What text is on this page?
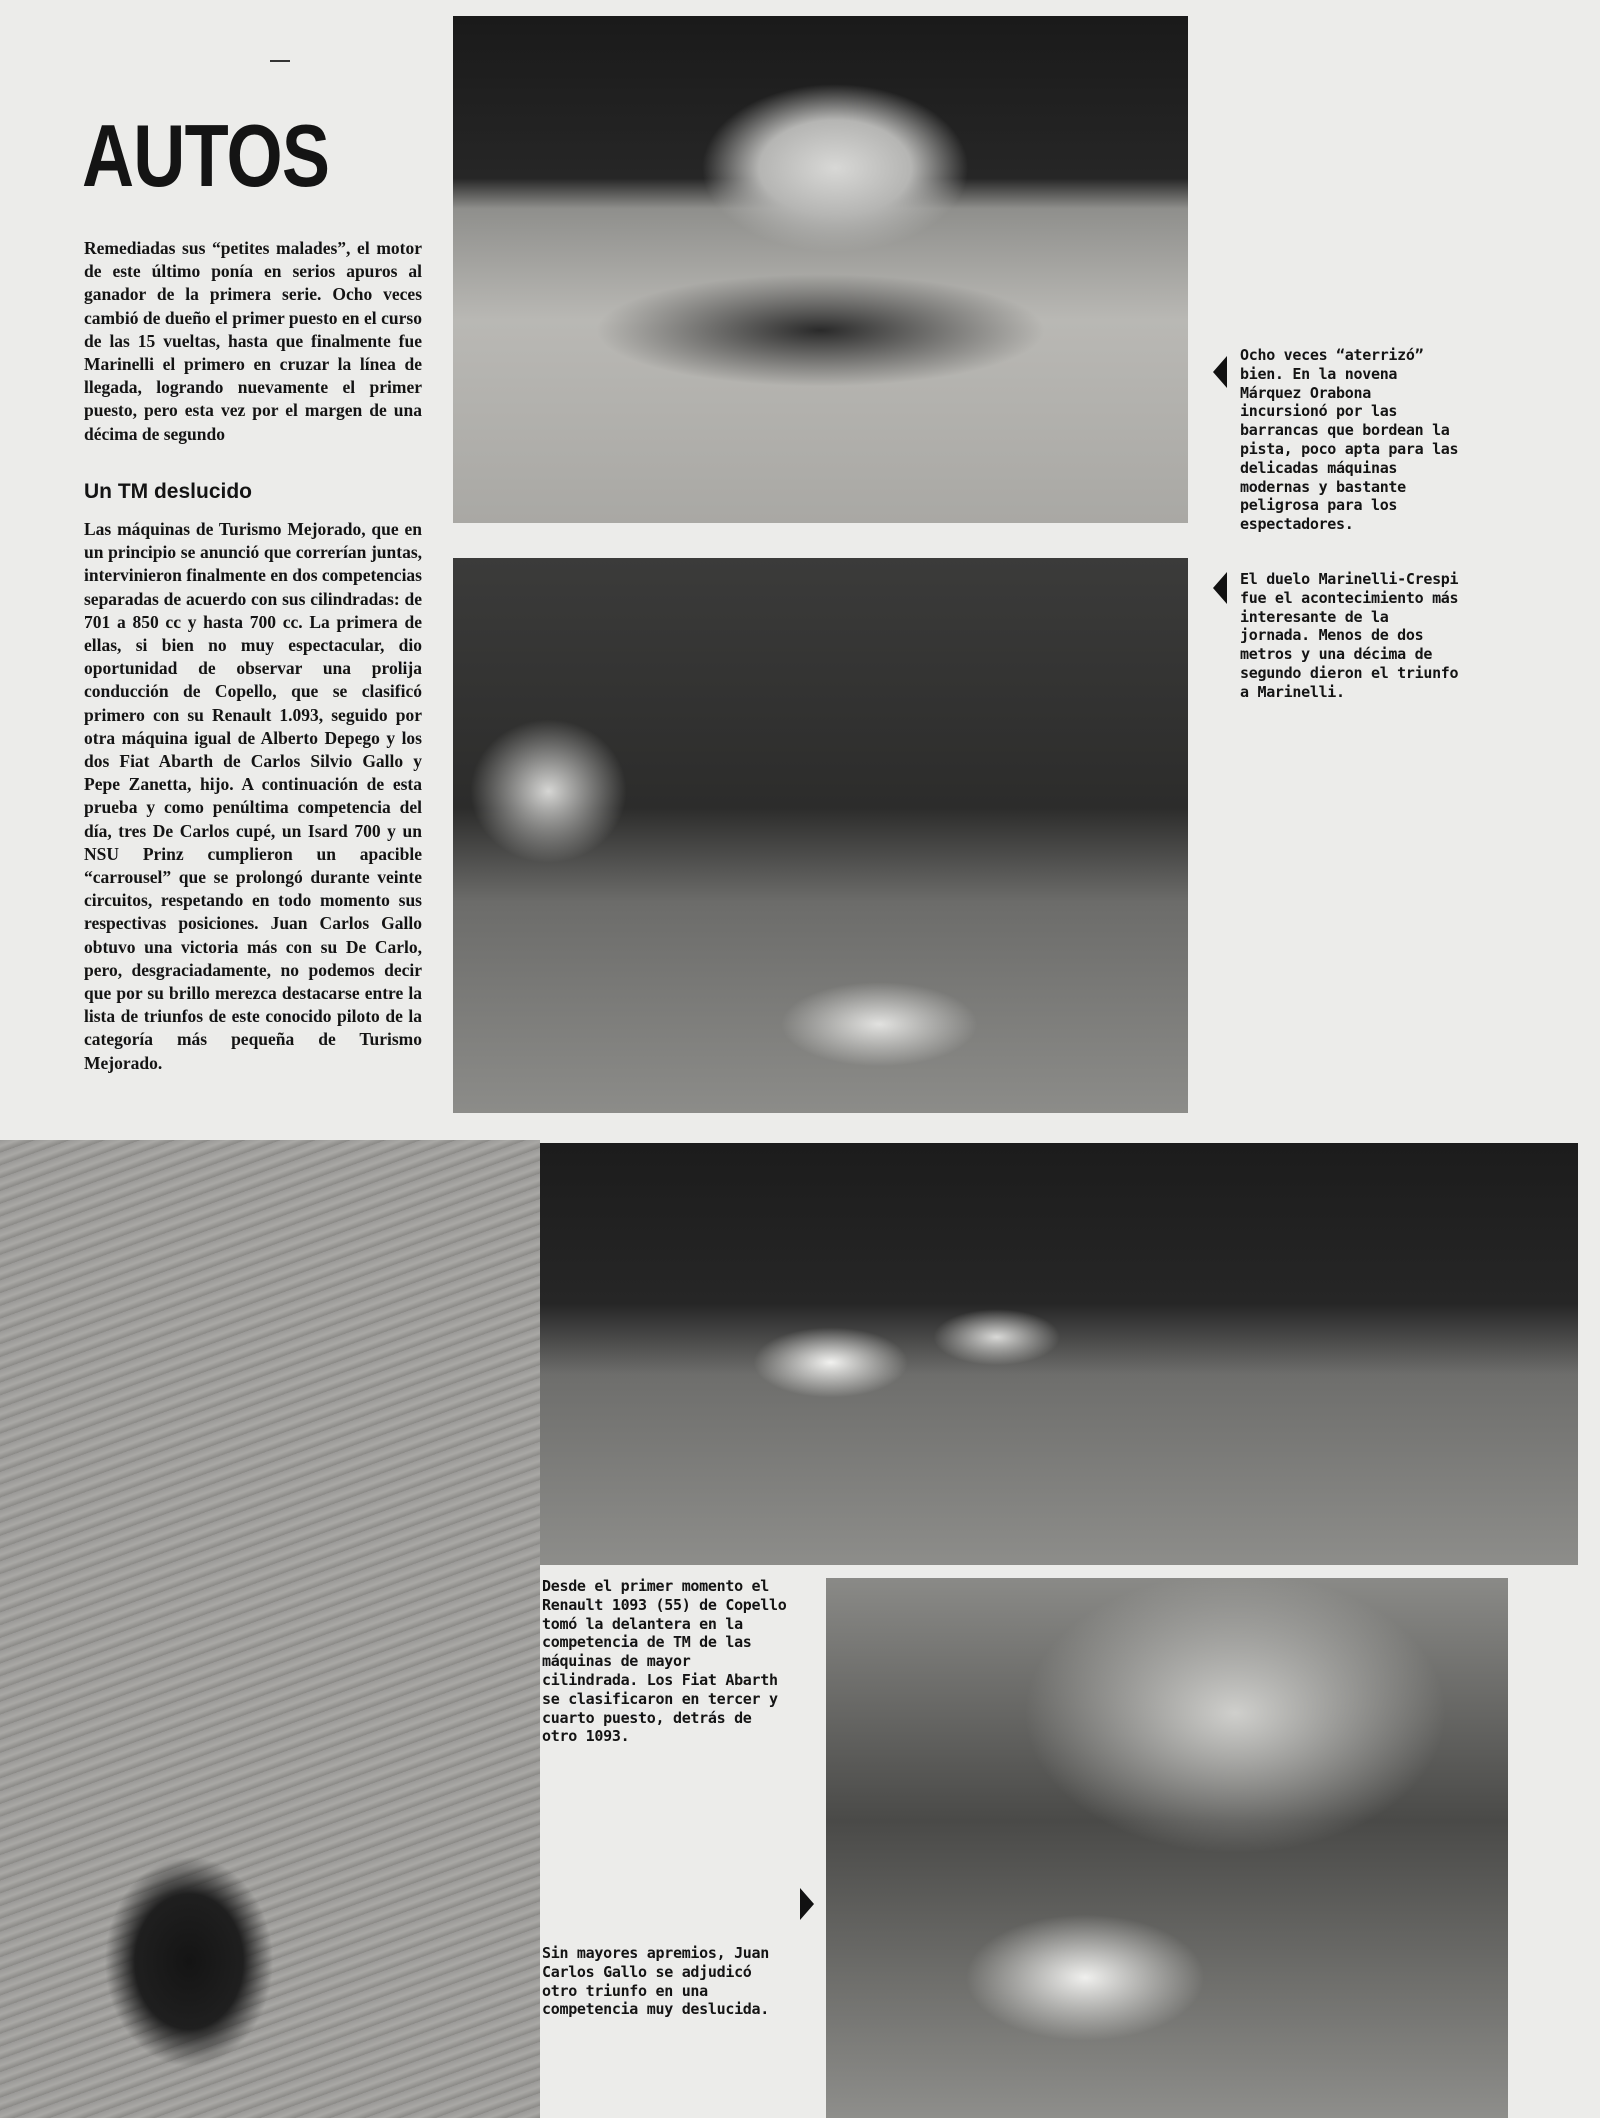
AUTOS

Remediadas sus “petites malades”, el motor de este último ponía en serios apuros al ganador de la primera serie. Ocho veces cambió de dueño el primer puesto en el curso de las 15 vueltas, hasta que finalmente fue Marinelli el primero en cruzar la línea de llegada, logrando nuevamente el primer puesto, pero esta vez por el margen de una décima de segundo

Un TM deslucido

Las máquinas de Turismo Mejorado, que en un principio se anunció que correrían juntas, intervinieron finalmente en dos competencias separadas de acuerdo con sus cilindradas: de 701 a 850 cc y hasta 700 cc. La primera de ellas, si bien no muy espectacular, dio oportunidad de observar una prolija conducción de Copello, que se clasificó primero con su Renault 1.093, seguido por otra máquina igual de Alberto Depego y los dos Fiat Abarth de Carlos Silvio Gallo y Pepe Zanetta, hijo. A continuación de esta prueba y como penúltima competencia del día, tres De Carlos cupé, un Isard 700 y un NSU Prinz cumplieron un apacible “carrousel” que se prolongó durante veinte circuitos, respetando en todo momento sus respectivas posiciones. Juan Carlos Gallo obtuvo una victoria más con su De Carlo, pero, desgraciadamente, no podemos decir que por su brillo merezca destacarse entre la lista de triunfos de este conocido piloto de la categoría más pequeña de Turismo Mejorado.

Ocho veces “aterrizó” bien. En la novena Márquez Orabona incursionó por las barrancas que bordean la pista, poco apta para las delicadas máquinas modernas y bastante peligrosa para los espectadores.

El duelo Marinelli-Crespi fue el acontecimiento más interesante de la jornada. Menos de dos metros y una décima de segundo dieron el triunfo a Marinelli.

Desde el primer momento el Renault 1093 (55) de Copello tomó la delantera en la competencia de TM de las máquinas de mayor cilindrada. Los Fiat Abarth se clasificaron en tercer y cuarto puesto, detrás de otro 1093.

Sin mayores apremios, Juan Carlos Gallo se adjudicó otro triunfo en una competencia muy deslucida.
